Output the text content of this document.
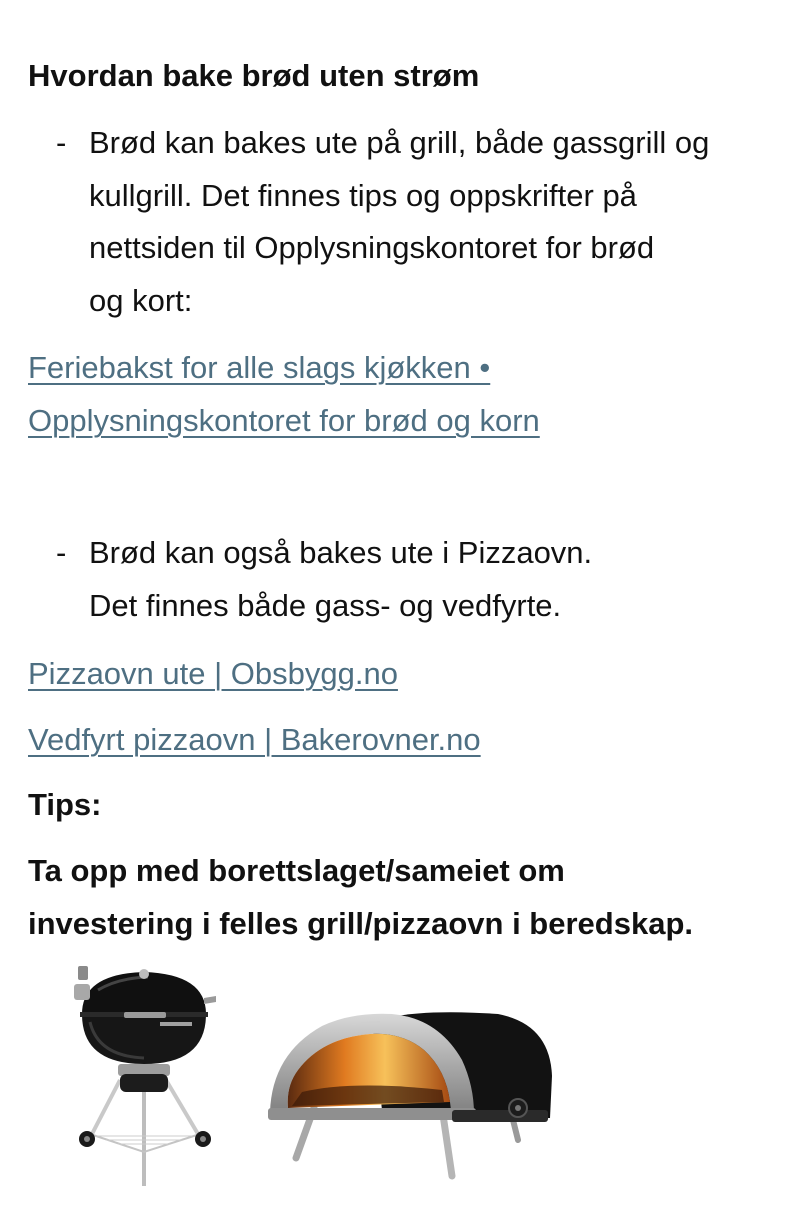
Hvordan bake brød uten strøm
- Brød kan bakes ute på grill, både gassgrill og
kullgrill. Det finnes tips og oppskrifter på
nettsiden til Opplysningskontoret for brød
og kort:
Feriebakst for alle slags kjøkken •
Opplysningskontoret for brød og korn
- Brød kan også bakes ute i Pizzaovn.
Det finnes både gass- og vedfyrte.
Pizzaovn ute | Obsbygg.no
Vedfyrt pizzaovn | Bakerovner.no
Tips:
Ta opp med borettslaget/sameiet om
investering i felles grill/pizzaovn i beredskap.
